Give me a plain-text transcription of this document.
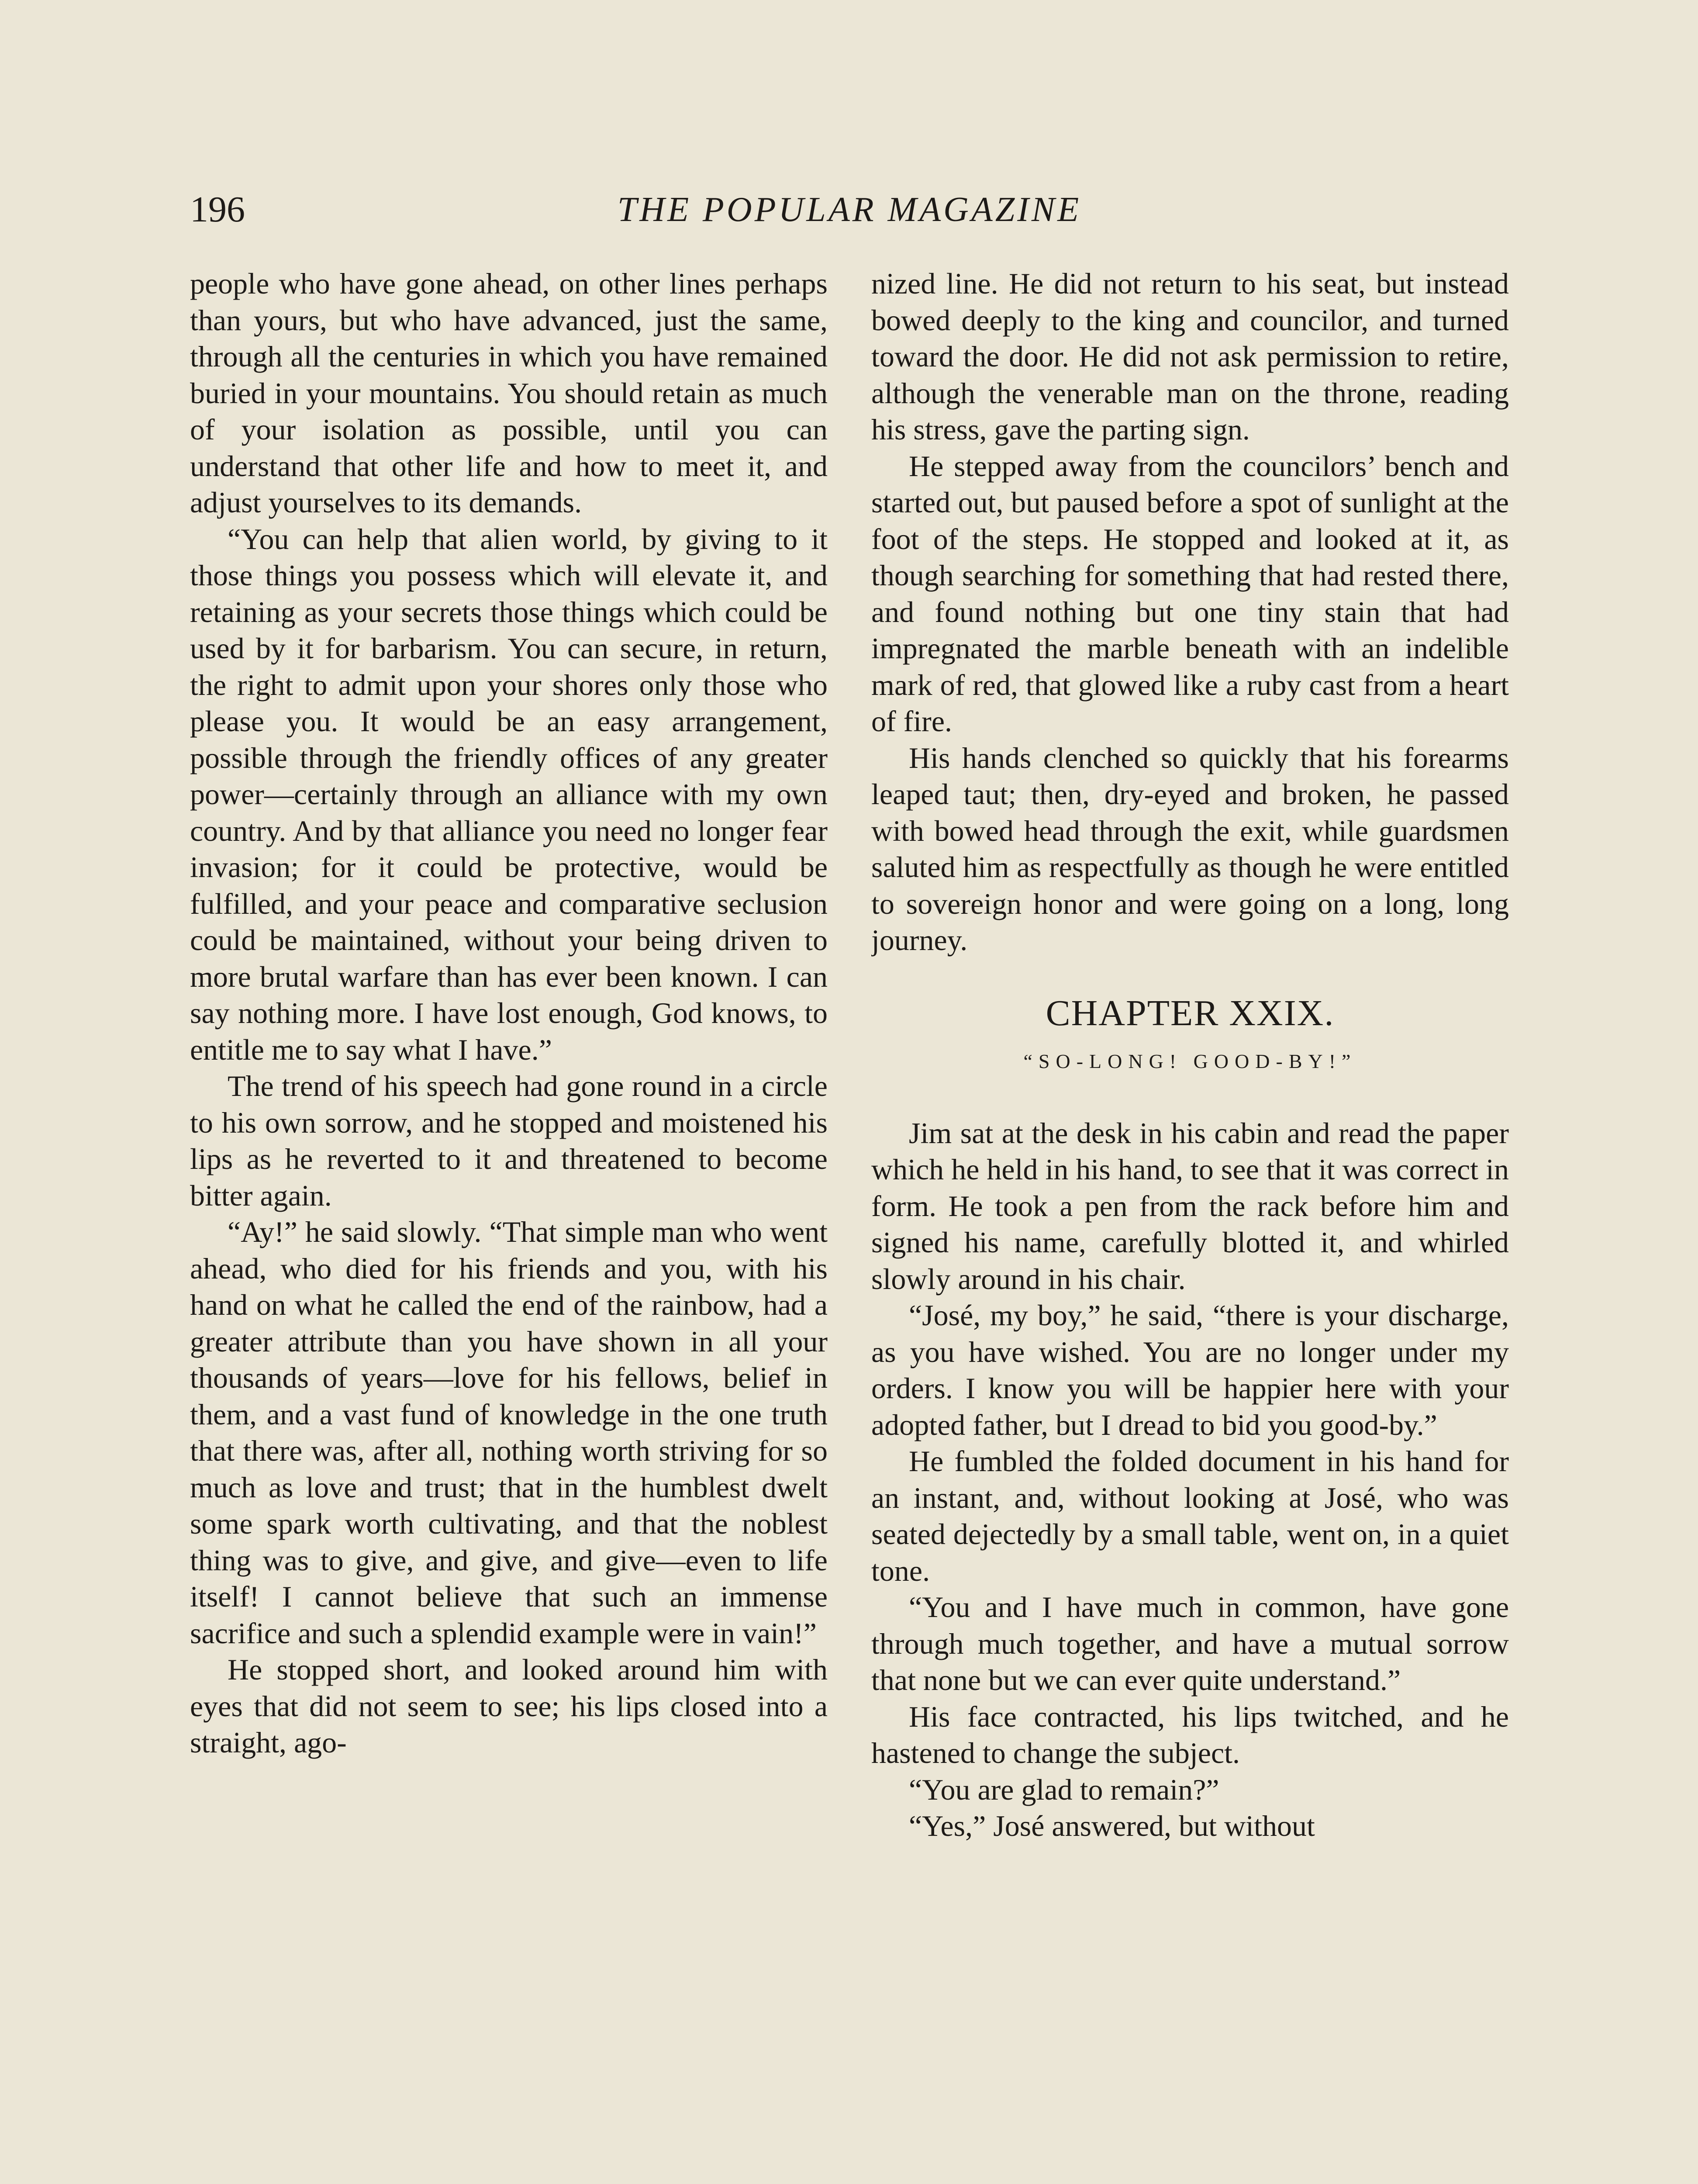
196	THE POPULAR MAGAZINE

people who have gone ahead, on other lines perhaps than yours, but who have advanced, just the same, through all the centuries in which you have remained buried in your mountains. You should retain as much of your isolation as possible, until you can understand that other life and how to meet it, and adjust yourselves to its demands.

“You can help that alien world, by giving to it those things you possess which will elevate it, and retaining as your secrets those things which could be used by it for barbarism. You can secure, in return, the right to admit upon your shores only those who please you. It would be an easy arrangement, possible through the friendly offices of any greater power—certainly through an alliance with my own country. And by that alliance you need no longer fear invasion; for it could be protective, would be fulfilled, and your peace and comparative seclusion could be maintained, without your being driven to more brutal warfare than has ever been known. I can say nothing more. I have lost enough, God knows, to entitle me to say what I have.”

The trend of his speech had gone round in a circle to his own sorrow, and he stopped and moistened his lips as he reverted to it and threatened to become bitter again.

“Ay!” he said slowly. “That simple man who went ahead, who died for his friends and you, with his hand on what he called the end of the rainbow, had a greater attribute than you have shown in all your thousands of years—love for his fellows, belief in them, and a vast fund of knowledge in the one truth that there was, after all, nothing worth striving for so much as love and trust; that in the humblest dwelt some spark worth cultivating, and that the noblest thing was to give, and give, and give—even to life itself! I cannot believe that such an immense sacrifice and such a splendid example were in vain!”

He stopped short, and looked around him with eyes that did not seem to see; his lips closed into a straight, ago-

nized line. He did not return to his seat, but instead bowed deeply to the king and councilor, and turned toward the door. He did not ask permission to retire, although the venerable man on the throne, reading his stress, gave the parting sign.

He stepped away from the councilors’ bench and started out, but paused before a spot of sunlight at the foot of the steps. He stopped and looked at it, as though searching for something that had rested there, and found nothing but one tiny stain that had impregnated the marble beneath with an indelible mark of red, that glowed like a ruby cast from a heart of fire.

His hands clenched so quickly that his forearms leaped taut; then, dry-eyed and broken, he passed with bowed head through the exit, while guardsmen saluted him as respectfully as though he were entitled to sovereign honor and were going on a long, long journey.

CHAPTER XXIX.
“SO-LONG! GOOD-BY!”

Jim sat at the desk in his cabin and read the paper which he held in his hand, to see that it was correct in form. He took a pen from the rack before him and signed his name, carefully blotted it, and whirled slowly around in his chair.

“José, my boy,” he said, “there is your discharge, as you have wished. You are no longer under my orders. I know you will be happier here with your adopted father, but I dread to bid you good-by.”

He fumbled the folded document in his hand for an instant, and, without looking at José, who was seated dejectedly by a small table, went on, in a quiet tone.

“You and I have much in common, have gone through much together, and have a mutual sorrow that none but we can ever quite understand.”

His face contracted, his lips twitched, and he hastened to change the subject.

“You are glad to remain?”

“Yes,” José answered, but without
